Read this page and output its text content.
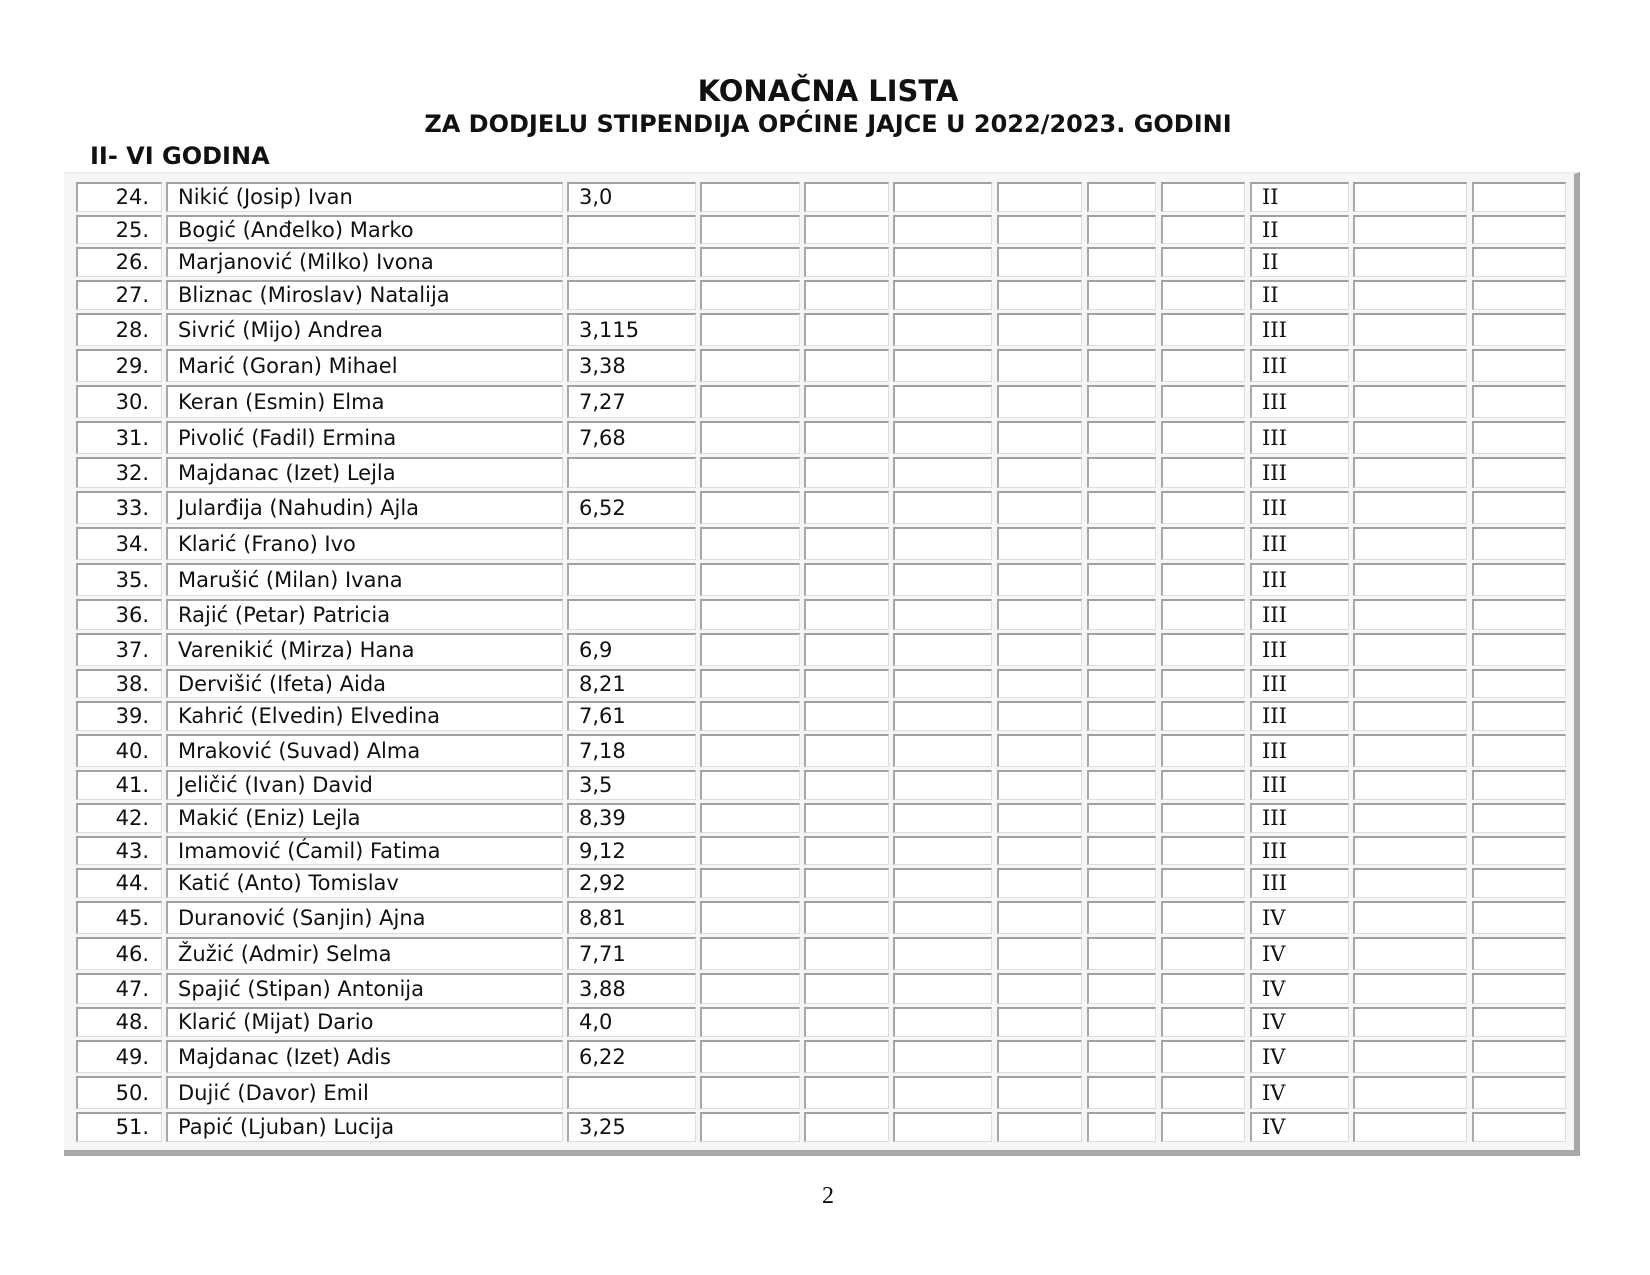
KONAČNA LISTA
ZA DODJELU STIPENDIJA OPĆINE JAJCE U 2022/2023. GODINI
II- VI GODINA
24.	Nikić (Josip) Ivan	3,0	II
25.	Bogić (Anđelko) Marko	II
26.	Marjanović (Milko) Ivona	II
27.	Bliznac (Miroslav) Natalija	II
28.	Sivrić (Mijo) Andrea	3,115	III
29.	Marić (Goran) Mihael	3,38	III
30.	Keran (Esmin) Elma	7,27	III
31.	Pivolić (Fadil) Ermina	7,68	III
32.	Majdanac (Izet) Lejla	III
33.	Jularđija (Nahudin) Ajla	6,52	III
34.	Klarić (Frano) Ivo	III
35.	Marušić (Milan) Ivana	III
36.	Rajić (Petar) Patricia	III
37.	Varenikić (Mirza) Hana	6,9	III
38.	Dervišić (Ifeta) Aida	8,21	III
39.	Kahrić (Elvedin) Elvedina	7,61	III
40.	Mraković (Suvad) Alma	7,18	III
41.	Jeličić (Ivan) David	3,5	III
42.	Makić (Eniz) Lejla	8,39	III
43.	Imamović (Ćamil) Fatima	9,12	III
44.	Katić (Anto) Tomislav	2,92	III
45.	Duranović (Sanjin) Ajna	8,81	IV
46.	Žužić (Admir) Selma	7,71	IV
47.	Spajić (Stipan) Antonija	3,88	IV
48.	Klarić (Mijat) Dario	4,0	IV
49.	Majdanac (Izet) Adis	6,22	IV
50.	Dujić (Davor) Emil	IV
51.	Papić (Ljuban) Lucija	3,25	IV
2
